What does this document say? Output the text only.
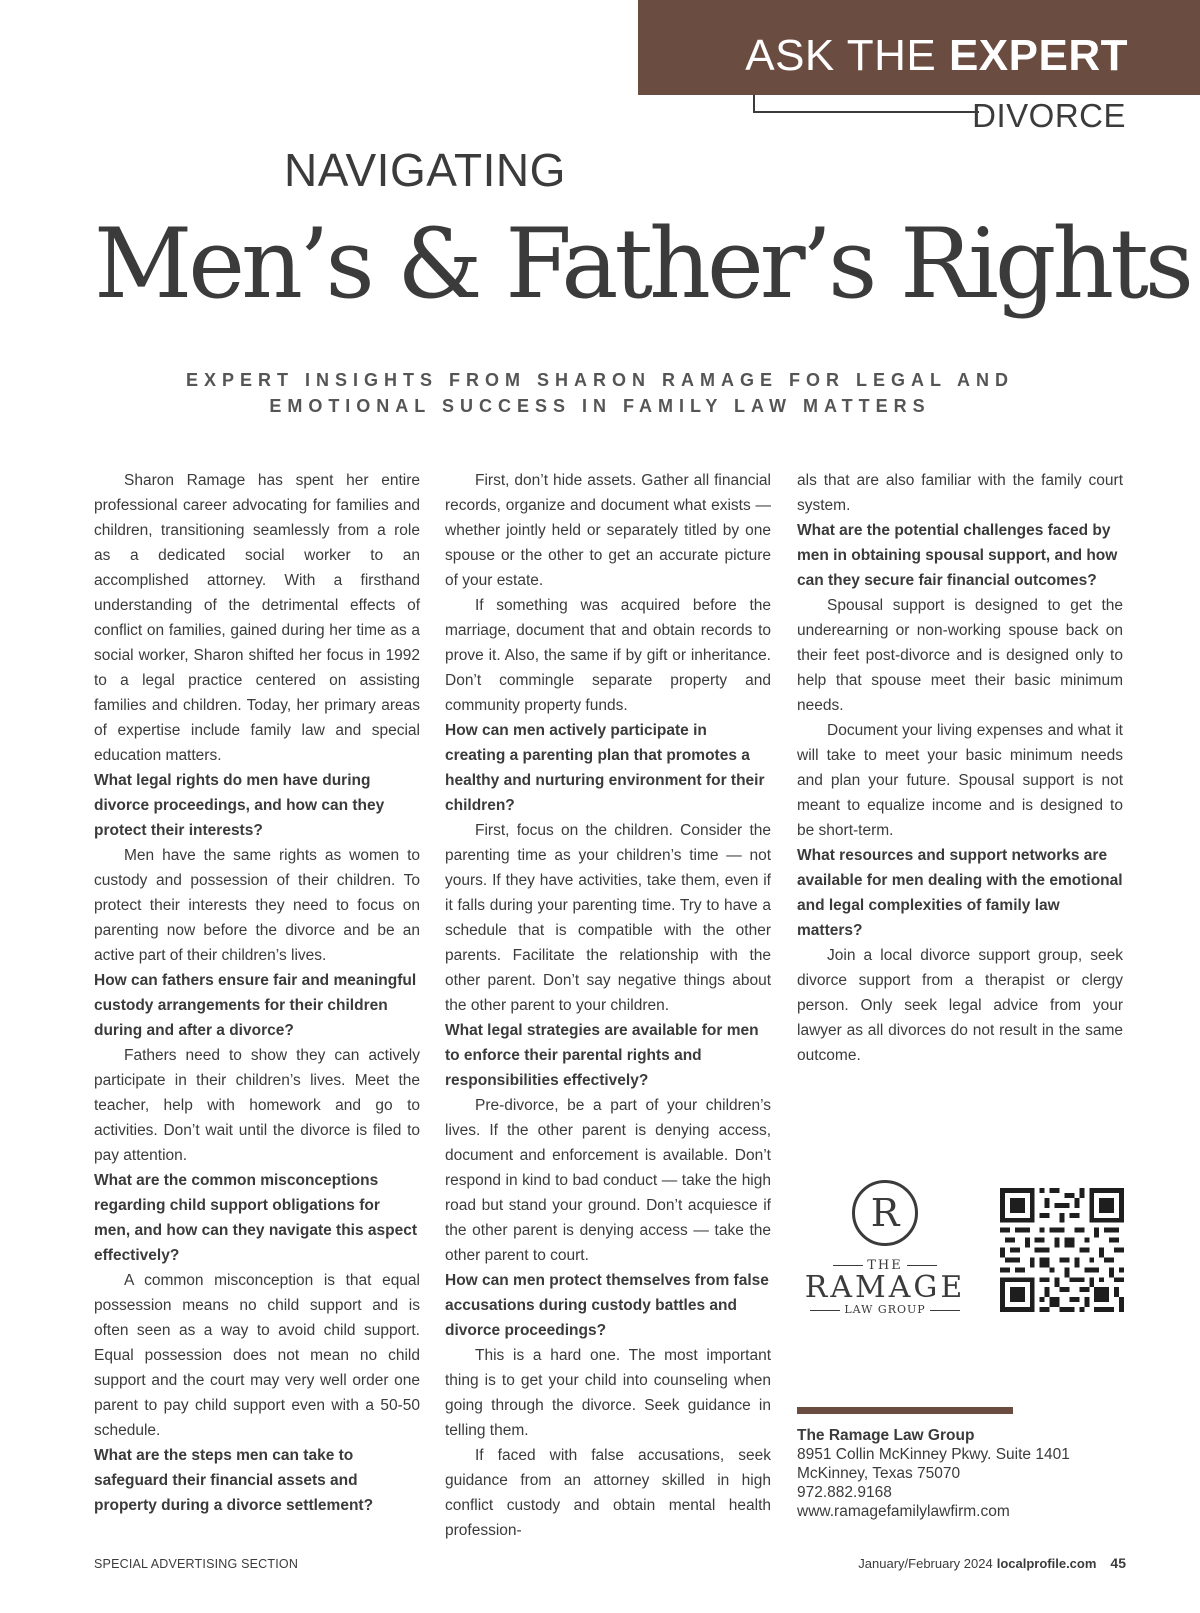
ASK THE EXPERT
DIVORCE
NAVIGATING
Men’s & Father’s Rights
EXPERT INSIGHTS FROM SHARON RAMAGE FOR LEGAL AND EMOTIONAL SUCCESS IN FAMILY LAW MATTERS

Sharon Ramage has spent her entire professional career advocating for families and children, transitioning seamlessly from a role as a dedicated social worker to an accomplished attorney. With a firsthand understanding of the detrimental effects of conflict on families, gained during her time as a social worker, Sharon shifted her focus in 1992 to a legal practice centered on assisting families and children. Today, her primary areas of expertise include family law and special education matters.

What legal rights do men have during divorce proceedings, and how can they protect their interests?

Men have the same rights as women to custody and possession of their children. To protect their interests they need to focus on parenting now before the divorce and be an active part of their children’s lives.

How can fathers ensure fair and meaningful custody arrangements for their children during and after a divorce?

Fathers need to show they can actively participate in their children’s lives. Meet the teacher, help with homework and go to activities. Don’t wait until the divorce is filed to pay attention.

What are the common misconceptions regarding child support obligations for men, and how can they navigate this aspect effectively?

A common misconception is that equal possession means no child support and is often seen as a way to avoid child support. Equal possession does not mean no child support and the court may very well order one parent to pay child support even with a 50-50 schedule.

What are the steps men can take to safeguard their financial assets and property during a divorce settlement?

First, don’t hide assets. Gather all financial records, organize and document what exists — whether jointly held or separately titled by one spouse or the other to get an accurate picture of your estate.

If something was acquired before the marriage, document that and obtain records to prove it. Also, the same if by gift or inheritance. Don’t commingle separate property and community property funds.

How can men actively participate in creating a parenting plan that promotes a healthy and nurturing environment for their children?

First, focus on the children. Consider the parenting time as your children’s time — not yours. If they have activities, take them, even if it falls during your parenting time. Try to have a schedule that is compatible with the other parents. Facilitate the relationship with the other parent. Don’t say negative things about the other parent to your children.

What legal strategies are available for men to enforce their parental rights and responsibilities effectively?

Pre-divorce, be a part of your children’s lives. If the other parent is denying access, document and enforcement is available. Don’t respond in kind to bad conduct — take the high road but stand your ground. Don’t acquiesce if the other parent is denying access — take the other parent to court.

How can men protect themselves from false accusations during custody battles and divorce proceedings?

This is a hard one. The most important thing is to get your child into counseling when going through the divorce. Seek guidance in telling them.

If faced with false accusations, seek guidance from an attorney skilled in high conflict custody and obtain mental health profession-

als that are also familiar with the family court system.

What are the potential challenges faced by men in obtaining spousal support, and how can they secure fair financial outcomes?

Spousal support is designed to get the underearning or non-working spouse back on their feet post-divorce and is designed only to help that spouse meet their basic minimum needs.

Document your living expenses and what it will take to meet your basic minimum needs and plan your future. Spousal support is not meant to equalize income and is designed to be short-term.

What resources and support networks are available for men dealing with the emotional and legal complexities of family law matters?

Join a local divorce support group, seek divorce support from a therapist or clergy person. Only seek legal advice from your lawyer as all divorces do not result in the same outcome.

R
THE
RAMAGE
LAW GROUP
The Ramage Law Group
8951 Collin McKinney Pkwy. Suite 1401
McKinney, Texas 75070
972.882.9168
www.ramagefamilylawfirm.com
SPECIAL ADVERTISING SECTION	January/February 2024 localprofile.com 45
